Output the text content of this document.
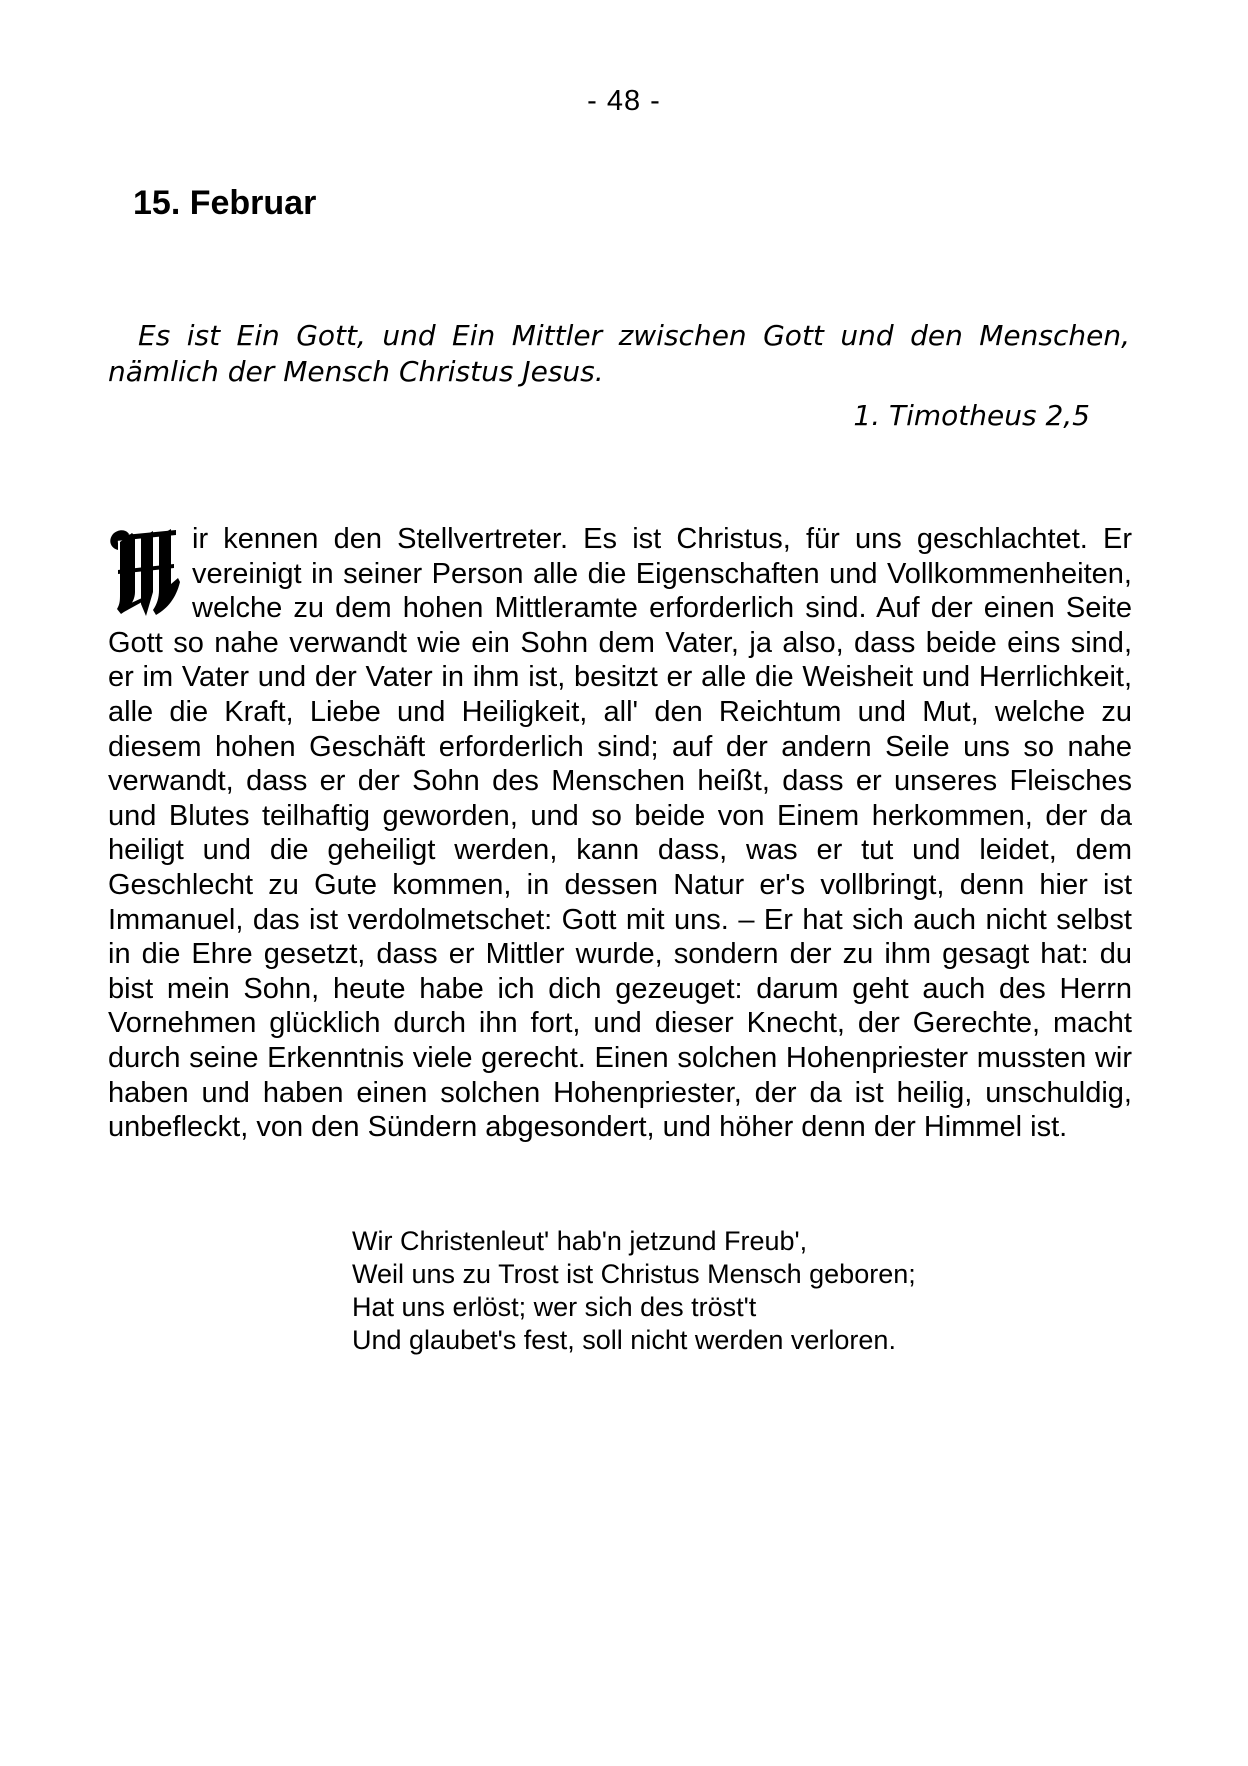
- 48 -
15. Februar
Es ist Ein Gott, und Ein Mittler zwischen Gott und den Menschen, nämlich der Mensch Christus Jesus.
1. Timotheus 2,5
ir kennen den Stellvertreter. Es ist Christus, für uns geschlachtet. Er vereinigt in seiner Person alle die Eigenschaften und Vollkommenheiten, welche zu dem hohen Mittleramte erforderlich sind. Auf der einen Seite Gott so nahe verwandt wie ein Sohn dem Vater, ja also, dass beide eins sind, er im Vater und der Vater in ihm ist, besitzt er alle die Weisheit und Herrlichkeit, alle die Kraft, Liebe und Heiligkeit, all' den Reichtum und Mut, welche zu diesem hohen Geschäft erforderlich sind; auf der andern Seile uns so nahe verwandt, dass er der Sohn des Menschen heißt, dass er unseres Fleisches und Blutes teilhaftig geworden, und so beide von Einem herkommen, der da heiligt und die geheiligt werden, kann dass, was er tut und leidet, dem Geschlecht zu Gute kommen, in dessen Natur er's vollbringt, denn hier ist Immanuel, das ist verdolmetschet: Gott mit uns. – Er hat sich auch nicht selbst in die Ehre gesetzt, dass er Mittler wurde, sondern der zu ihm gesagt hat: du bist mein Sohn, heute habe ich dich gezeuget: darum geht auch des Herrn Vornehmen glücklich durch ihn fort, und dieser Knecht, der Gerechte, macht durch seine Erkenntnis viele gerecht. Einen solchen Hohenpriester mussten wir haben und haben einen solchen Hohenpriester, der da ist heilig, unschuldig, unbefleckt, von den Sündern abgesondert, und höher denn der Himmel ist.
Wir Christenleut' hab'n jetzund Freub',
Weil uns zu Trost ist Christus Mensch geboren;
Hat uns erlöst; wer sich des tröst't
Und glaubet's fest, soll nicht werden verloren.
